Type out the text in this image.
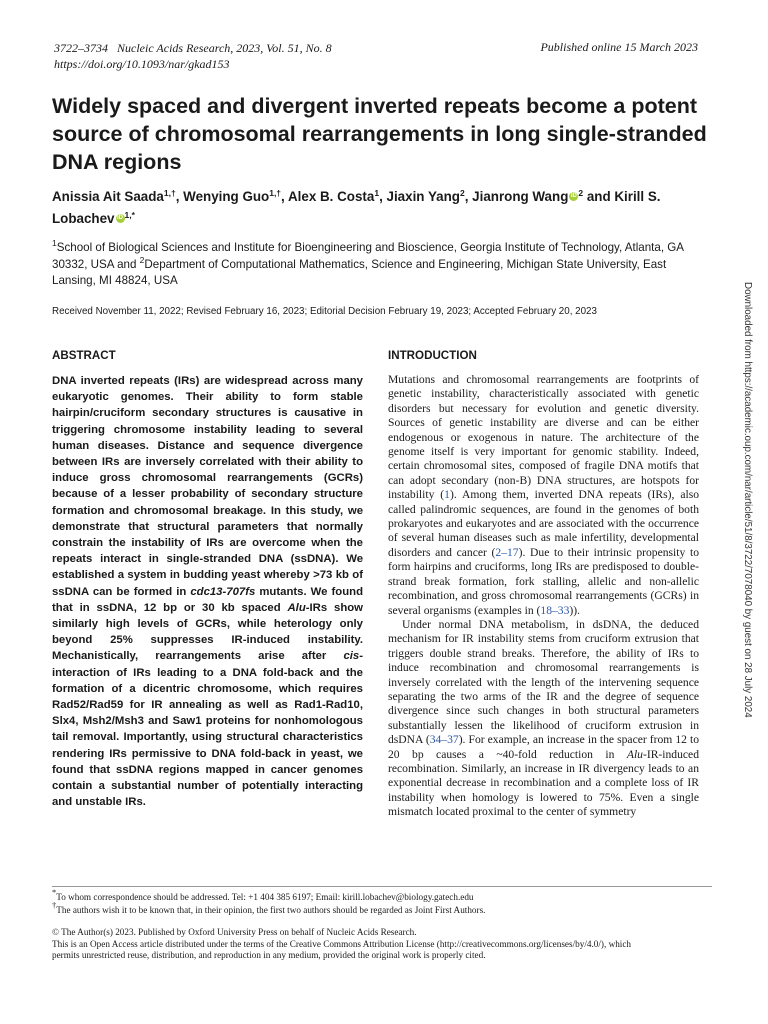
3722–3734 Nucleic Acids Research, 2023, Vol. 51, No. 8
https://doi.org/10.1093/nar/gkad153
Published online 15 March 2023
Widely spaced and divergent inverted repeats become a potent source of chromosomal rearrangements in long single-stranded DNA regions
Anissia Ait Saada$^{1,\dagger}$, Wenying Guo$^{1,\dagger}$, Alex B. Costa$^1$, Jiaxin Yang$^2$, Jianrong Wang iD $^2$ and Kirill S. Lobachev iD $^{1,*}$
$^1$School of Biological Sciences and Institute for Bioengineering and Bioscience, Georgia Institute of Technology, Atlanta, GA 30332, USA and $^2$Department of Computational Mathematics, Science and Engineering, Michigan State University, East Lansing, MI 48824, USA
Received November 11, 2022; Revised February 16, 2023; Editorial Decision February 19, 2023; Accepted February 20, 2023
ABSTRACT	INTRODUCTION
DNA inverted repeats (IRs) are widespread across many eukaryotic genomes. Their ability to form stable hairpin/cruciform secondary structures is causative in triggering chromosome instability leading to several human diseases. Distance and sequence divergence between IRs are inversely correlated with their ability to induce gross chromosomal rearrangements (GCRs) because of a lesser probability of secondary structure formation and chromosomal breakage. In this study, we demonstrate that structural parameters that normally constrain the instability of IRs are overcome when the repeats interact in single-stranded DNA (ssDNA). We established a system in budding yeast whereby >73 kb of ssDNA can be formed in cdc13-707fs mutants. We found that in ssDNA, 12 bp or 30 kb spaced Alu-IRs show similarly high levels of GCRs, while heterology only beyond 25% suppresses IR-induced instability. Mechanistically, rearrangements arise after cis-interaction of IRs leading to a DNA fold-back and the formation of a dicentric chromosome, which requires Rad52/Rad59 for IR annealing as well as Rad1-Rad10, Slx4, Msh2/Msh3 and Saw1 proteins for nonhomologous tail removal. Importantly, using structural characteristics rendering IRs permissive to DNA fold-back in yeast, we found that ssDNA regions mapped in cancer genomes contain a substantial number of potentially interacting and unstable IRs.

Mutations and chromosomal rearrangements are footprints of genetic instability, characteristically associated with genetic disorders but necessary for evolution and genetic diversity. Sources of genetic instability are diverse and can be either endogenous or exogenous in nature. The architecture of the genome itself is very important for genomic stability. Indeed, certain chromosomal sites, composed of fragile DNA motifs that can adopt secondary (non-B) DNA structures, are hotspots for instability (1). Among them, inverted DNA repeats (IRs), also called palindromic sequences, are found in the genomes of both prokaryotes and eukaryotes and are associated with the occurrence of several human diseases such as male infertility, developmental disorders and cancer (2–17). Due to their intrinsic propensity to form hairpins and cruciforms, long IRs are predisposed to double-strand break formation, fork stalling, allelic and non-allelic recombination, and gross chromosomal rearrangements (GCRs) in several organisms (examples in (18–33)).

Under normal DNA metabolism, in dsDNA, the deduced mechanism for IR instability stems from cruciform extrusion that triggers double strand breaks. Therefore, the ability of IRs to induce recombination and chromosomal rearrangements is inversely correlated with the length of the intervening sequence separating the two arms of the IR and the degree of sequence divergence since such changes in both structural parameters substantially lessen the likelihood of cruciform extrusion in dsDNA (34–37). For example, an increase in the spacer from 12 to 20 bp causes a ~40-fold reduction in Alu-IR-induced recombination. Similarly, an increase in IR divergency leads to an exponential decrease in recombination and a complete loss of IR instability when homology is lowered to 75%. Even a single mismatch located proximal to the center of symmetry

Downloaded from https://academic.oup.com/nar/article/51/8/3722/7078040 by guest on 28 July 2024
*To whom correspondence should be addressed. Tel: +1 404 385 6197; Email: kirill.lobachev@biology.gatech.edu
†The authors wish it to be known that, in their opinion, the first two authors should be regarded as Joint First Authors.
© The Author(s) 2023. Published by Oxford University Press on behalf of Nucleic Acids Research.
This is an Open Access article distributed under the terms of the Creative Commons Attribution License (http://creativecommons.org/licenses/by/4.0/), which
permits unrestricted reuse, distribution, and reproduction in any medium, provided the original work is properly cited.
